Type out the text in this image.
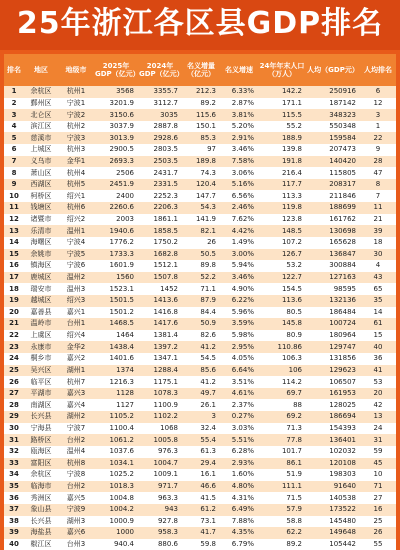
25年浙江各区县GDP排名
排名	地区	地级市	2025年GDP（亿元）	2024年GDP（亿元）	名义增量（亿元）	名义增速	24年年末人口（万人）	人均（GDP元）	人均排名
1	余杭区	杭州1	3568	3355.7	212.3	6.33%	142.2	250916	6
2	鄞州区	宁波1	3201.9	3112.7	89.2	2.87%	171.1	187142	12
3	北仑区	宁波2	3150.6	3035	115.6	3.81%	115.5	348323	3
4	滨江区	杭州2	3037.9	2887.8	150.1	5.20%	55.2	550348	1
5	慈溪市	宁波3	3013.9	2928.6	85.3	2.91%	188.9	159584	22
6	上城区	杭州3	2900.5	2803.5	97	3.46%	139.8	207473	9
7	义乌市	金华1	2693.3	2503.5	189.8	7.58%	191.8	140420	28
8	萧山区	杭州4	2506	2431.7	74.3	3.06%	216.4	115805	47
9	西湖区	杭州5	2451.9	2331.5	120.4	5.16%	117.7	208317	8
10	柯桥区	绍兴1	2400	2252.3	147.7	6.56%	113.3	211846	7
11	钱塘区	杭州6	2260.6	2206.3	54.3	2.46%	119.8	188699	11
12	诸暨市	绍兴2	2003	1861.1	141.9	7.62%	123.8	161762	21
13	乐清市	温州1	1940.6	1858.5	82.1	4.42%	148.5	130698	39
14	海曙区	宁波4	1776.2	1750.2	26	1.49%	107.2	165628	18
15	余姚市	宁波5	1733.3	1682.8	50.5	3.00%	126.7	136847	30
16	镇海区	宁波6	1601.9	1512.1	89.8	5.94%	53.2	300884	4
17	鹿城区	温州2	1560	1507.8	52.2	3.46%	122.7	127163	43
18	瑞安市	温州3	1523.1	1452	71.1	4.90%	154.5	98595	65
19	越城区	绍兴3	1501.5	1413.6	87.9	6.22%	113.6	132136	35
20	嘉善县	嘉兴1	1501.2	1416.8	84.4	5.96%	80.5	186484	14
21	温岭市	台州1	1468.5	1417.6	50.9	3.59%	145.8	100724	61
22	上虞区	绍兴4	1464	1381.4	82.6	5.98%	80.9	180964	15
23	永康市	金华2	1438.4	1397.2	41.2	2.95%	110.86	129747	40
24	桐乡市	嘉兴2	1401.6	1347.1	54.5	4.05%	106.3	131856	36
25	吴兴区	湖州1	1374	1288.4	85.6	6.64%	106	129623	41
26	临平区	杭州7	1216.3	1175.1	41.2	3.51%	114.2	106507	53
27	平湖市	嘉兴3	1128	1078.3	49.7	4.61%	69.7	161953	20
28	南湖区	嘉兴4	1127	1100.9	26.1	2.37%	88	128025	42
29	长兴县	湖州2	1105.2	1102.2	3	0.27%	69.2	186694	13
30	宁海县	宁波7	1100.4	1068	32.4	3.03%	71.3	154393	24
31	路桥区	台州2	1061.2	1005.8	55.4	5.51%	77.8	136401	31
32	瓯海区	温州4	1037.6	976.3	61.3	6.28%	101.7	102032	59
33	富阳区	杭州8	1034.1	1004.7	29.4	2.93%	86.1	120108	45
34	余杭区	宁波8	1025.2	1009.1	16.1	1.60%	51.9	198303	10
35	临海市	台州2	1018.3	971.7	46.6	4.80%	111.1	91640	71
36	秀洲区	嘉兴5	1004.8	963.3	41.5	4.31%	71.5	140538	27
37	象山县	宁波9	1004.2	943	61.2	6.49%	57.9	173522	16
38	长兴县	湖州3	1000.9	927.8	73.1	7.88%	58.8	145480	25
39	海盐县	嘉兴6	1000	958.3	41.7	4.35%	62.2	149648	26
40	椒江区	台州3	940.4	880.6	59.8	6.79%	89.2	105442	55
